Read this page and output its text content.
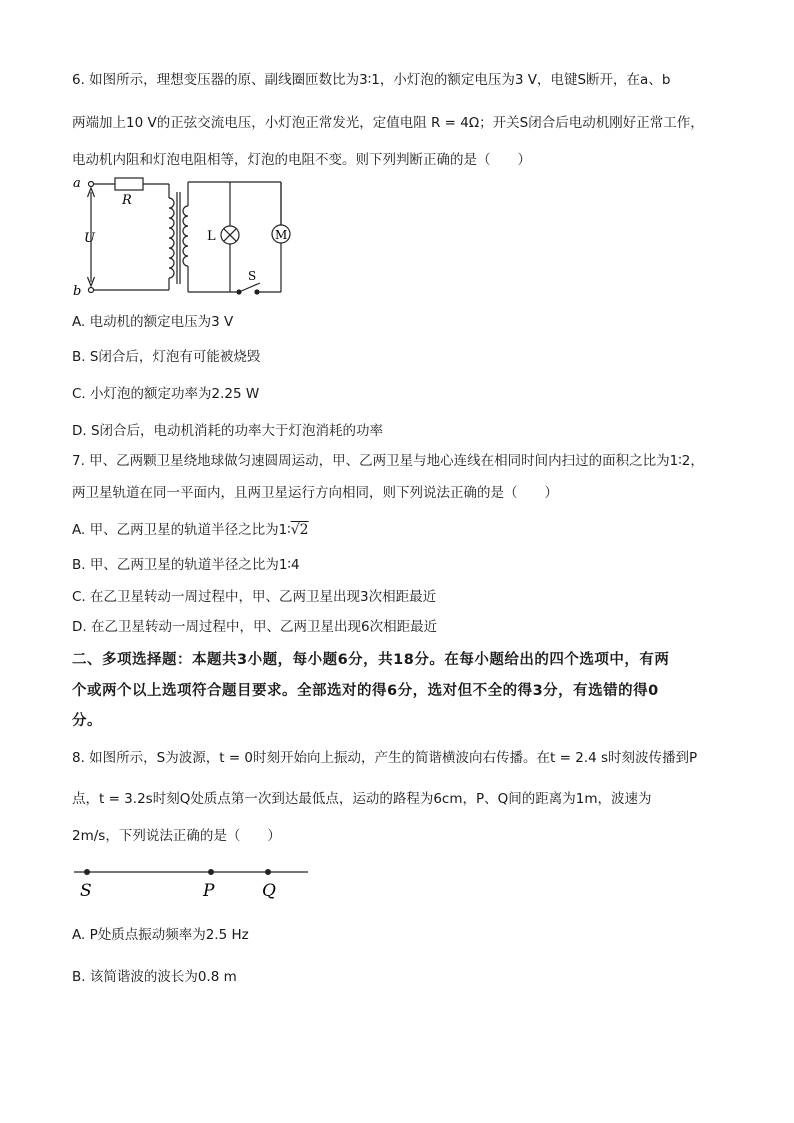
6. 如图所示，理想变压器的原、副线圈匝数比为3∶1，小灯泡的额定电压为3 V，电键S断开，在a、b
两端加上10 V的正弦交流电压，小灯泡正常发光，定值电阻 R = 4Ω；开关S闭合后电动机刚好正常工作，
电动机内阻和灯泡电阻相等，灯泡的电阻不变。则下列判断正确的是（　　）
a
b
R
U	L	M
S
A. 电动机的额定电压为3 V
B. S闭合后，灯泡有可能被烧毁
C. 小灯泡的额定功率为2.25 W
D. S闭合后，电动机消耗的功率大于灯泡消耗的功率
7. 甲、乙两颗卫星绕地球做匀速圆周运动，甲、乙两卫星与地心连线在相同时间内扫过的面积之比为1∶2，
两卫星轨道在同一平面内，且两卫星运行方向相同，则下列说法正确的是（　　）
A. 甲、乙两卫星的轨道半径之比为1∶√2
B. 甲、乙两卫星的轨道半径之比为1∶4
C. 在乙卫星转动一周过程中，甲、乙两卫星出现3次相距最近
D. 在乙卫星转动一周过程中，甲、乙两卫星出现6次相距最近
二、多项选择题：本题共3小题，每小题6分，共18分。在每小题给出的四个选项中，有两
个或两个以上选项符合题目要求。全部选对的得6分，选对但不全的得3分，有选错的得0
分。
8. 如图所示，S为波源，t = 0时刻开始向上振动，产生的简谐横波向右传播。在t = 2.4 s时刻波传播到P
点，t = 3.2s时刻Q处质点第一次到达最低点，运动的路程为6cm，P、Q间的距离为1m，波速为
2m/s，下列说法正确的是（　　）
S	P	Q
A. P处质点振动频率为2.5 Hz
B. 该简谐波的波长为0.8 m
